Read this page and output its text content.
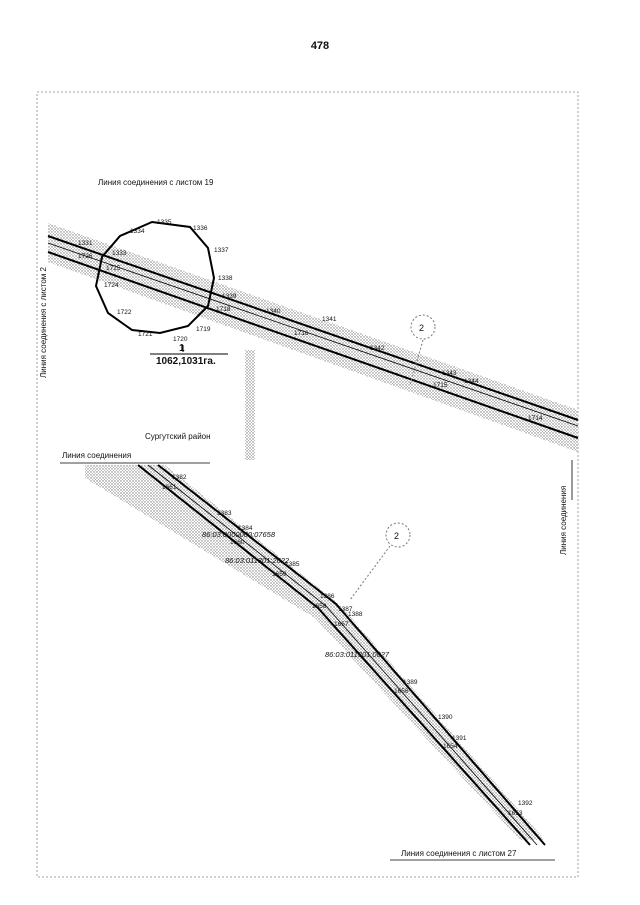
478
1331
1726	1333
1334
1335
1336
1337
1338
1339
1725
1724
1722
1721
1720
1719
1718	1340
1341
1342
1716
1343
1344
1715
1714
1382
1661
1383
1384
1660
1385
1659
1386
1658 1387
1388
1657
1389
1656
1390
1391
1654
1392
1653
86:03:0000000:07658
86:03:011301:2622
86:03:011301:0027
Линия соединения с листом 2
Линия соединения
2
2
Линия соединения с листом 19
1
1062,1031га.
Сургутский район
Линия соединения
Линия соединения с листом 27
